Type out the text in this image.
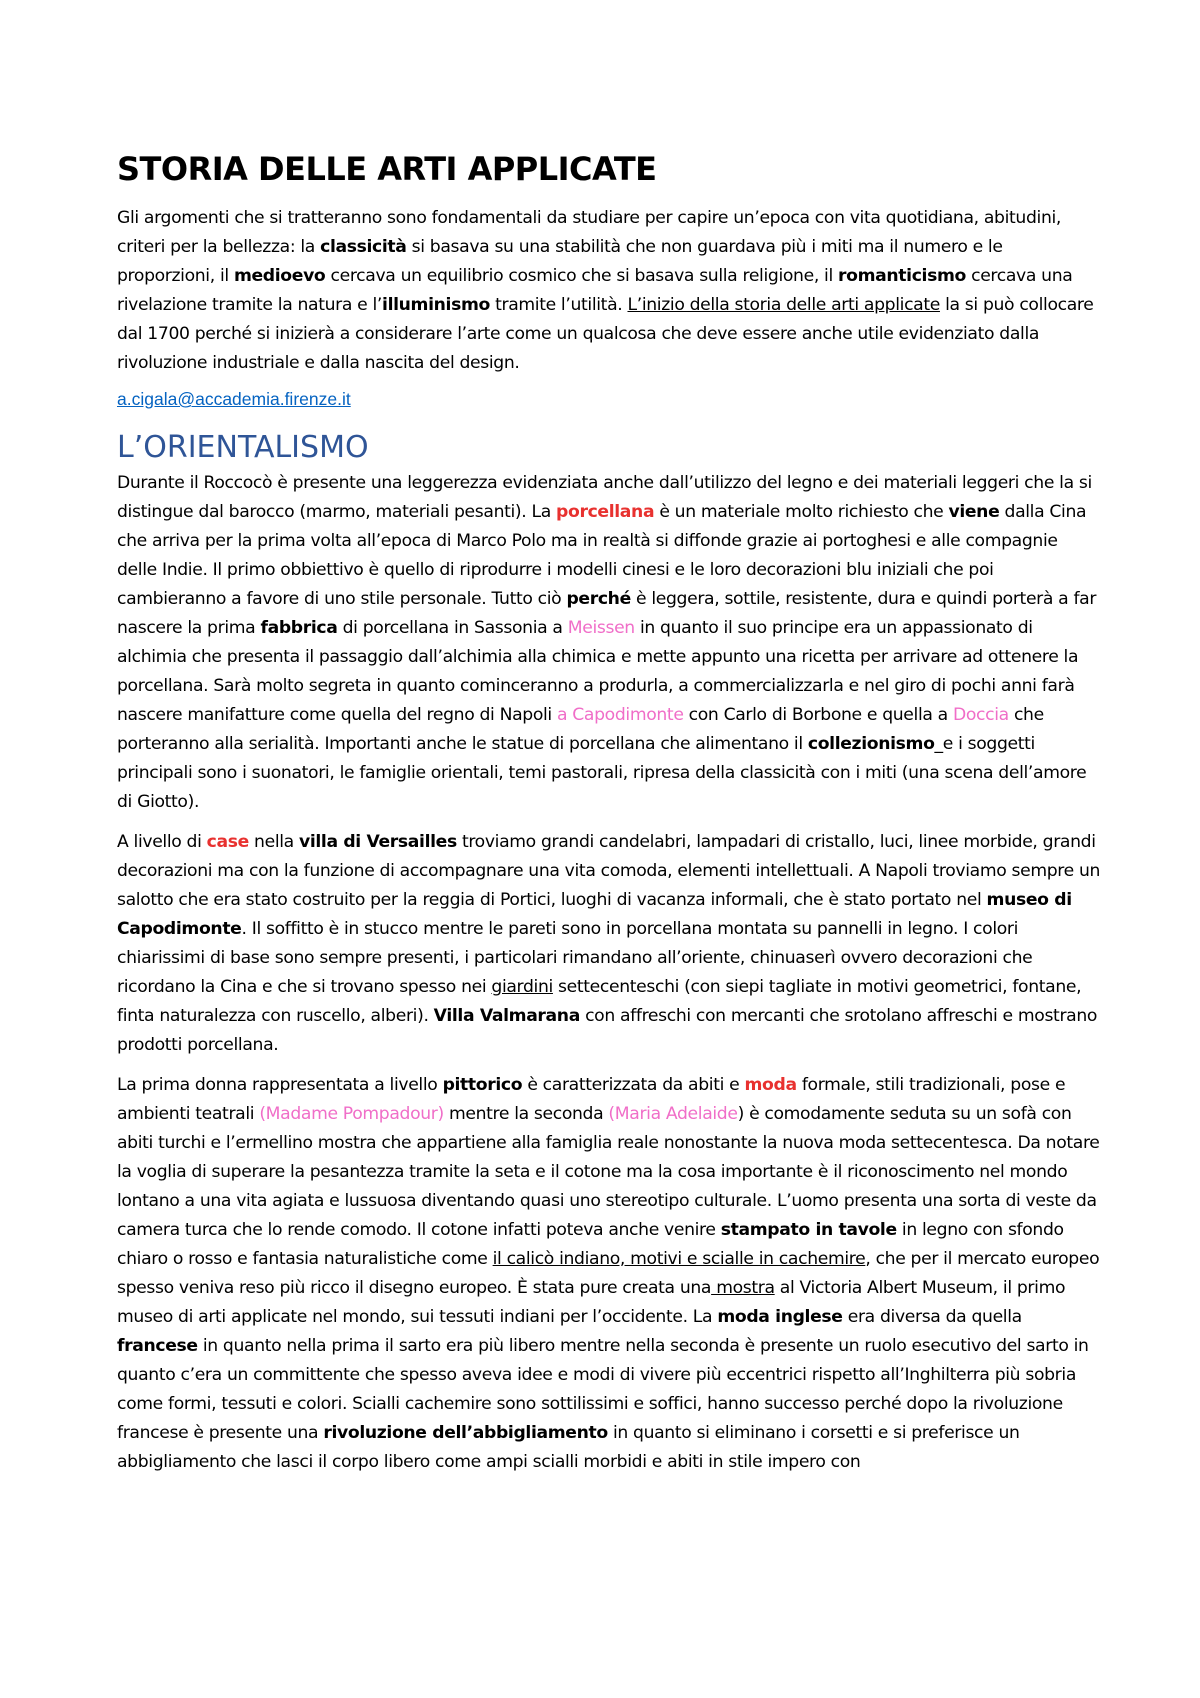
STORIA DELLE ARTI APPLICATE

Gli argomenti che si tratteranno sono fondamentali da studiare per capire un’epoca con vita quotidiana, abitudini, criteri per la bellezza: la classicità si basava su una stabilità che non guardava più i miti ma il numero e le proporzioni, il medioevo cercava un equilibrio cosmico che si basava sulla religione, il romanticismo cercava una rivelazione tramite la natura e l’illuminismo tramite l’utilità. L’inizio della storia delle arti applicate la si può collocare dal 1700 perché si inizierà a considerare l’arte come un qualcosa che deve essere anche utile evidenziato dalla rivoluzione industriale e dalla nascita del design.

a.cigala@accademia.firenze.it
L’ORIENTALISMO

Durante il Roccocò è presente una leggerezza evidenziata anche dall’utilizzo del legno e dei materiali leggeri che la si distingue dal barocco (marmo, materiali pesanti). La porcellana è un materiale molto richiesto che viene dalla Cina che arriva per la prima volta all’epoca di Marco Polo ma in realtà si diffonde grazie ai portoghesi e alle compagnie delle Indie. Il primo obbiettivo è quello di riprodurre i modelli cinesi e le loro decorazioni blu iniziali che poi cambieranno a favore di uno stile personale. Tutto ciò perché è leggera, sottile, resistente, dura e quindi porterà a far nascere la prima fabbrica di porcellana in Sassonia a Meissen in quanto il suo principe era un appassionato di alchimia che presenta il passaggio dall’alchimia alla chimica e mette appunto una ricetta per arrivare ad ottenere la porcellana. Sarà molto segreta in quanto cominceranno a produrla, a commercializzarla e nel giro di pochi anni farà nascere manifatture come quella del regno di Napoli a Capodimonte con Carlo di Borbone e quella a Doccia che porteranno alla serialità. Importanti anche le statue di porcellana che alimentano il collezionismo_e i soggetti principali sono i suonatori, le famiglie orientali, temi pastorali, ripresa della classicità con i miti (una scena dell’amore di Giotto).

A livello di case nella villa di Versailles troviamo grandi candelabri, lampadari di cristallo, luci, linee morbide, grandi decorazioni ma con la funzione di accompagnare una vita comoda, elementi intellettuali. A Napoli troviamo sempre un salotto che era stato costruito per la reggia di Portici, luoghi di vacanza informali, che è stato portato nel museo di Capodimonte. Il soffitto è in stucco mentre le pareti sono in porcellana montata su pannelli in legno. I colori chiarissimi di base sono sempre presenti, i particolari rimandano all’oriente, chinuaserì ovvero decorazioni che ricordano la Cina e che si trovano spesso nei giardini settecenteschi (con siepi tagliate in motivi geometrici, fontane, finta naturalezza con ruscello, alberi). Villa Valmarana con affreschi con mercanti che srotolano affreschi e mostrano prodotti porcellana.

La prima donna rappresentata a livello pittorico è caratterizzata da abiti e moda formale, stili tradizionali, pose e ambienti teatrali (Madame Pompadour) mentre la seconda (Maria Adelaide) è comodamente seduta su un sofà con abiti turchi e l’ermellino mostra che appartiene alla famiglia reale nonostante la nuova moda settecentesca. Da notare la voglia di superare la pesantezza tramite la seta e il cotone ma la cosa importante è il riconoscimento nel mondo lontano a una vita agiata e lussuosa diventando quasi uno stereotipo culturale. L’uomo presenta una sorta di veste da camera turca che lo rende comodo. Il cotone infatti poteva anche venire stampato in tavole in legno con sfondo chiaro o rosso e fantasia naturalistiche come il calicò indiano, motivi e scialle in cachemire, che per il mercato europeo spesso veniva reso più ricco il disegno europeo. È stata pure creata una mostra al Victoria Albert Museum, il primo museo di arti applicate nel mondo, sui tessuti indiani per l’occidente. La moda inglese era diversa da quella francese in quanto nella prima il sarto era più libero mentre nella seconda è presente un ruolo esecutivo del sarto in quanto c’era un committente che spesso aveva idee e modi di vivere più eccentrici rispetto all’Inghilterra più sobria come formi, tessuti e colori. Scialli cachemire sono sottilissimi e soffici, hanno successo perché dopo la rivoluzione francese è presente una rivoluzione dell’abbigliamento in quanto si eliminano i corsetti e si preferisce un abbigliamento che lasci il corpo libero come ampi scialli morbidi e abiti in stile impero con
